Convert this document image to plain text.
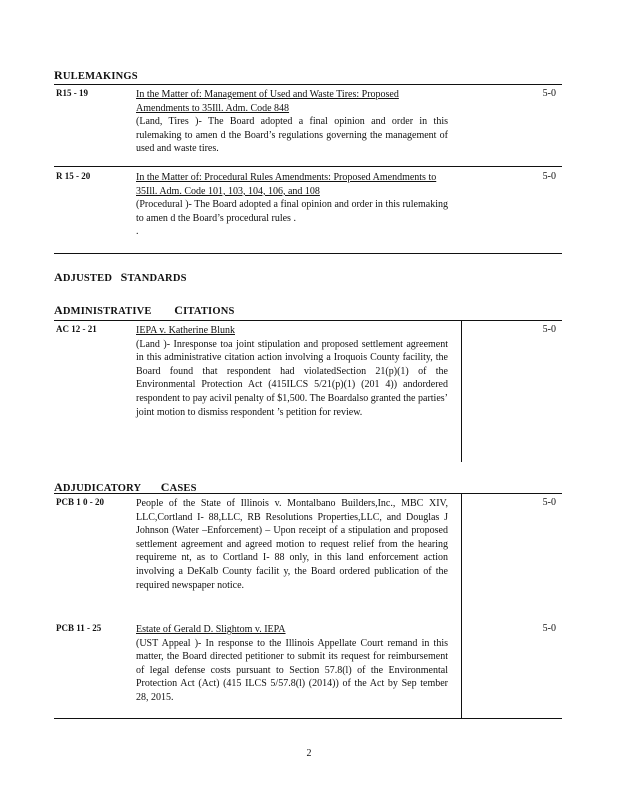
RULEMAKINGS
R15 - 19	In the Matter of: Management of Used and Waste Tires: Proposed Amendments to 35Ill. Adm. Code 848
(Land, Tires )- The Board adopted a final opinion and order in this rulemaking to amen d the Board’s regulations governing the management of used and waste tires.
5-0
R 15 - 20	In the Matter of: Procedural Rules Amendments: Proposed Amendments to 35Ill. Adm. Code 101, 103, 104, 106, and 108
(Procedural )- The Board adopted a final opinion and order in this rulemaking to amen d the Board’s procedural rules .
.
5-0
ADJUSTED STANDARDS
ADMINISTRATIVE CITATIONS
AC 12 - 21	IEPA v. Katherine Blunk
(Land )- Inresponse toa joint stipulation and proposed settlement agreement in this administrative citation action involving a Iroquois County facility, the Board found that respondent had violatedSection 21(p)(1) of the Environmental Protection Act (415ILCS 5/21(p)(1) (201 4)) andordered respondent to pay acivil penalty of $1,500. The Boardalso granted the parties’ joint motion to dismiss respondent ’s petition for review.
5-0
ADJUDICATORY CASES
PCB 1 0 - 20	People of the State of Illinois v. Montalbano Builders,Inc., MBC XIV, LLC,Cortland I- 88,LLC, RB Resolutions Properties,LLC, and Douglas J Johnson (Water –Enforcement) – Upon receipt of a stipulation and proposed settlement agreement and agreed motion to request relief from the hearing requireme nt, as to Cortland I- 88 only, in this land enforcement action involving a DeKalb County facilit y, the Board ordered publication of the required newspaper notice.
5-0
PCB 11 - 25	Estate of Gerald D. Slightom v. IEPA
(UST Appeal )- In response to the Illinois Appellate Court remand in this matter, the Board directed petitioner to submit its request for reimbursement of legal defense costs pursuant to Section 57.8(l) of the Environmental Protection Act (Act) (415 ILCS 5/57.8(l) (2014)) of the Act by Sep tember 28, 2015.
5-0
2
